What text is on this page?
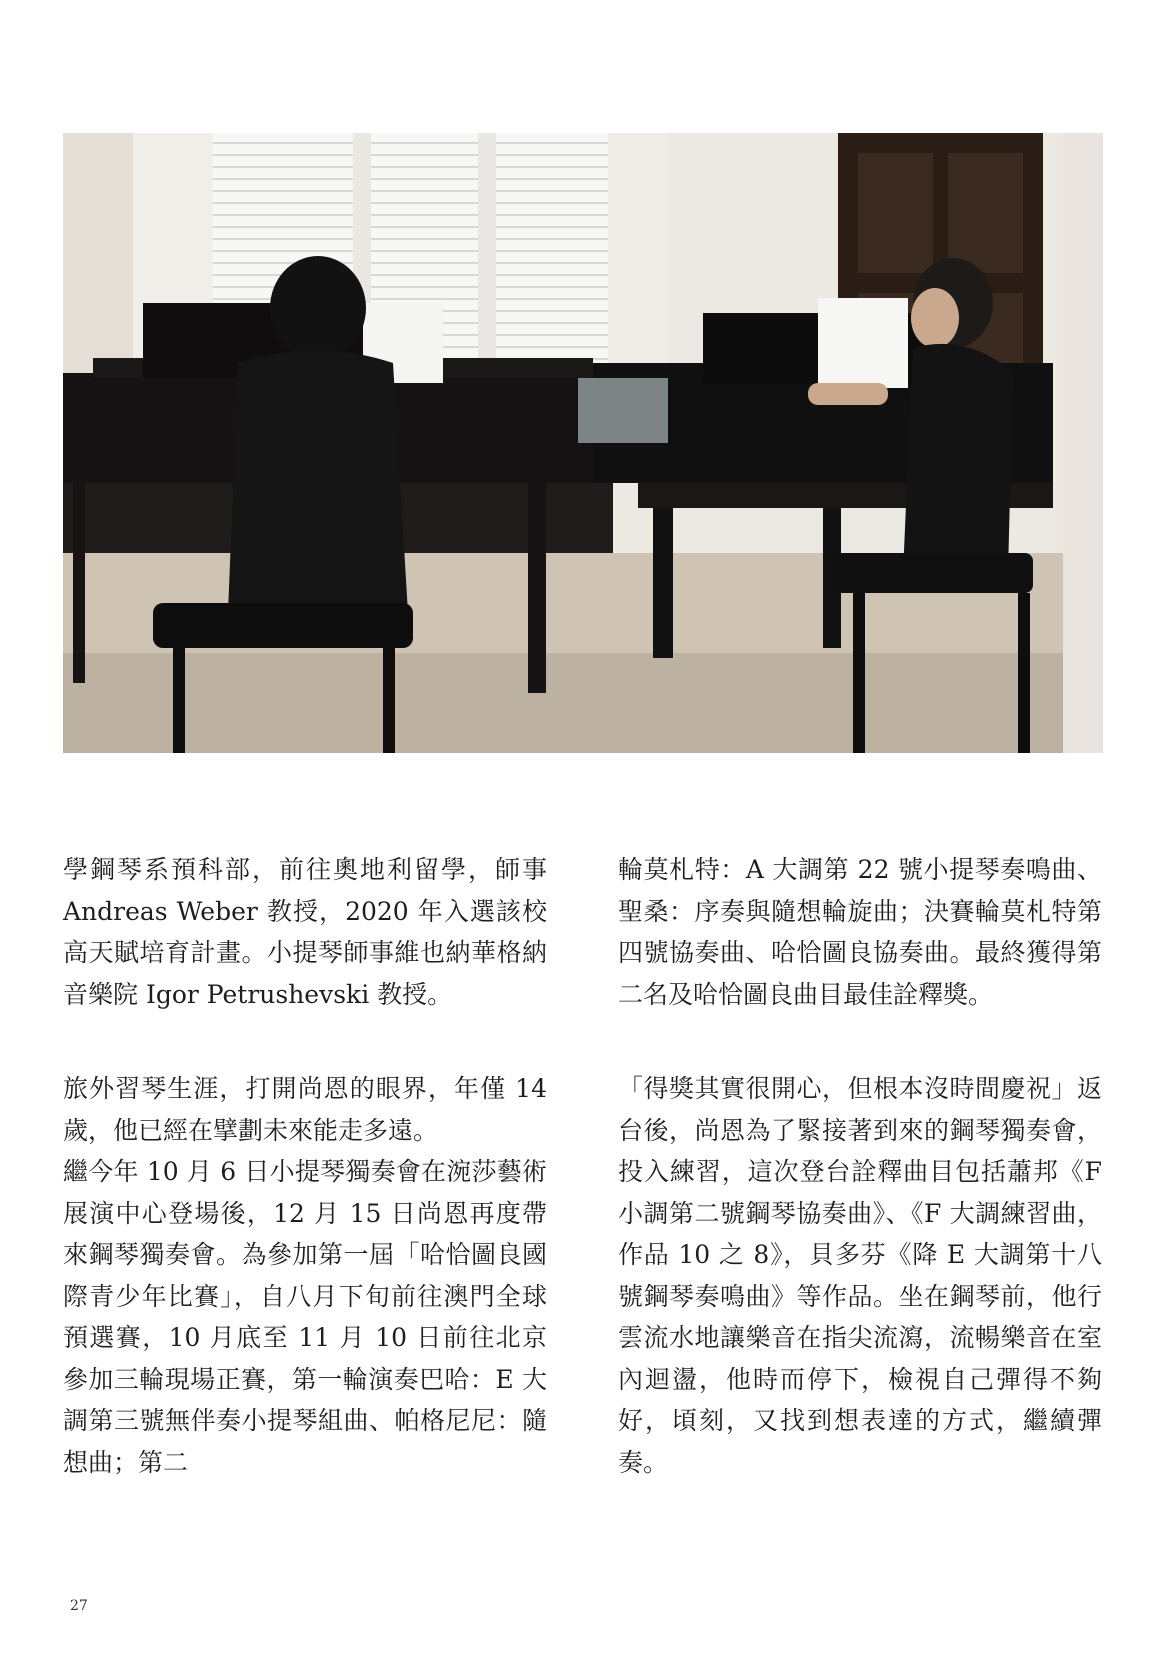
學鋼琴系預科部，前往奧地利留學，師事 Andreas Weber 教授，2020 年入選該校高天賦培育計畫。小提琴師事維也納華格納音樂院 Igor Petrushevski 教授。

旅外習琴生涯，打開尚恩的眼界，年僅 14 歲，他已經在擘劃未來能走多遠。

繼今年 10 月 6 日小提琴獨奏會在涴莎藝術展演中心登場後，12 月 15 日尚恩再度帶來鋼琴獨奏會。為參加第一屆「哈恰圖良國際青少年比賽」，自八月下旬前往澳門全球預選賽，10 月底至 11 月 10 日前往北京參加三輪現場正賽，第一輪演奏巴哈：E 大調第三號無伴奏小提琴組曲、帕格尼尼：隨想曲；第二

輪莫札特：A 大調第 22 號小提琴奏鳴曲、聖桑：序奏與隨想輪旋曲；決賽輪莫札特第四號協奏曲、哈恰圖良協奏曲。最終獲得第二名及哈恰圖良曲目最佳詮釋獎。

「得獎其實很開心，但根本沒時間慶祝」返台後，尚恩為了緊接著到來的鋼琴獨奏會，投入練習，這次登台詮釋曲目包括蕭邦《F 小調第二號鋼琴協奏曲》、《F 大調練習曲，作品 10 之 8》，貝多芬《降 E 大調第十八號鋼琴奏鳴曲》等作品。坐在鋼琴前，他行雲流水地讓樂音在指尖流瀉，流暢樂音在室內迴盪，他時而停下，檢視自己彈得不夠好，頃刻，又找到想表達的方式，繼續彈奏。

27
